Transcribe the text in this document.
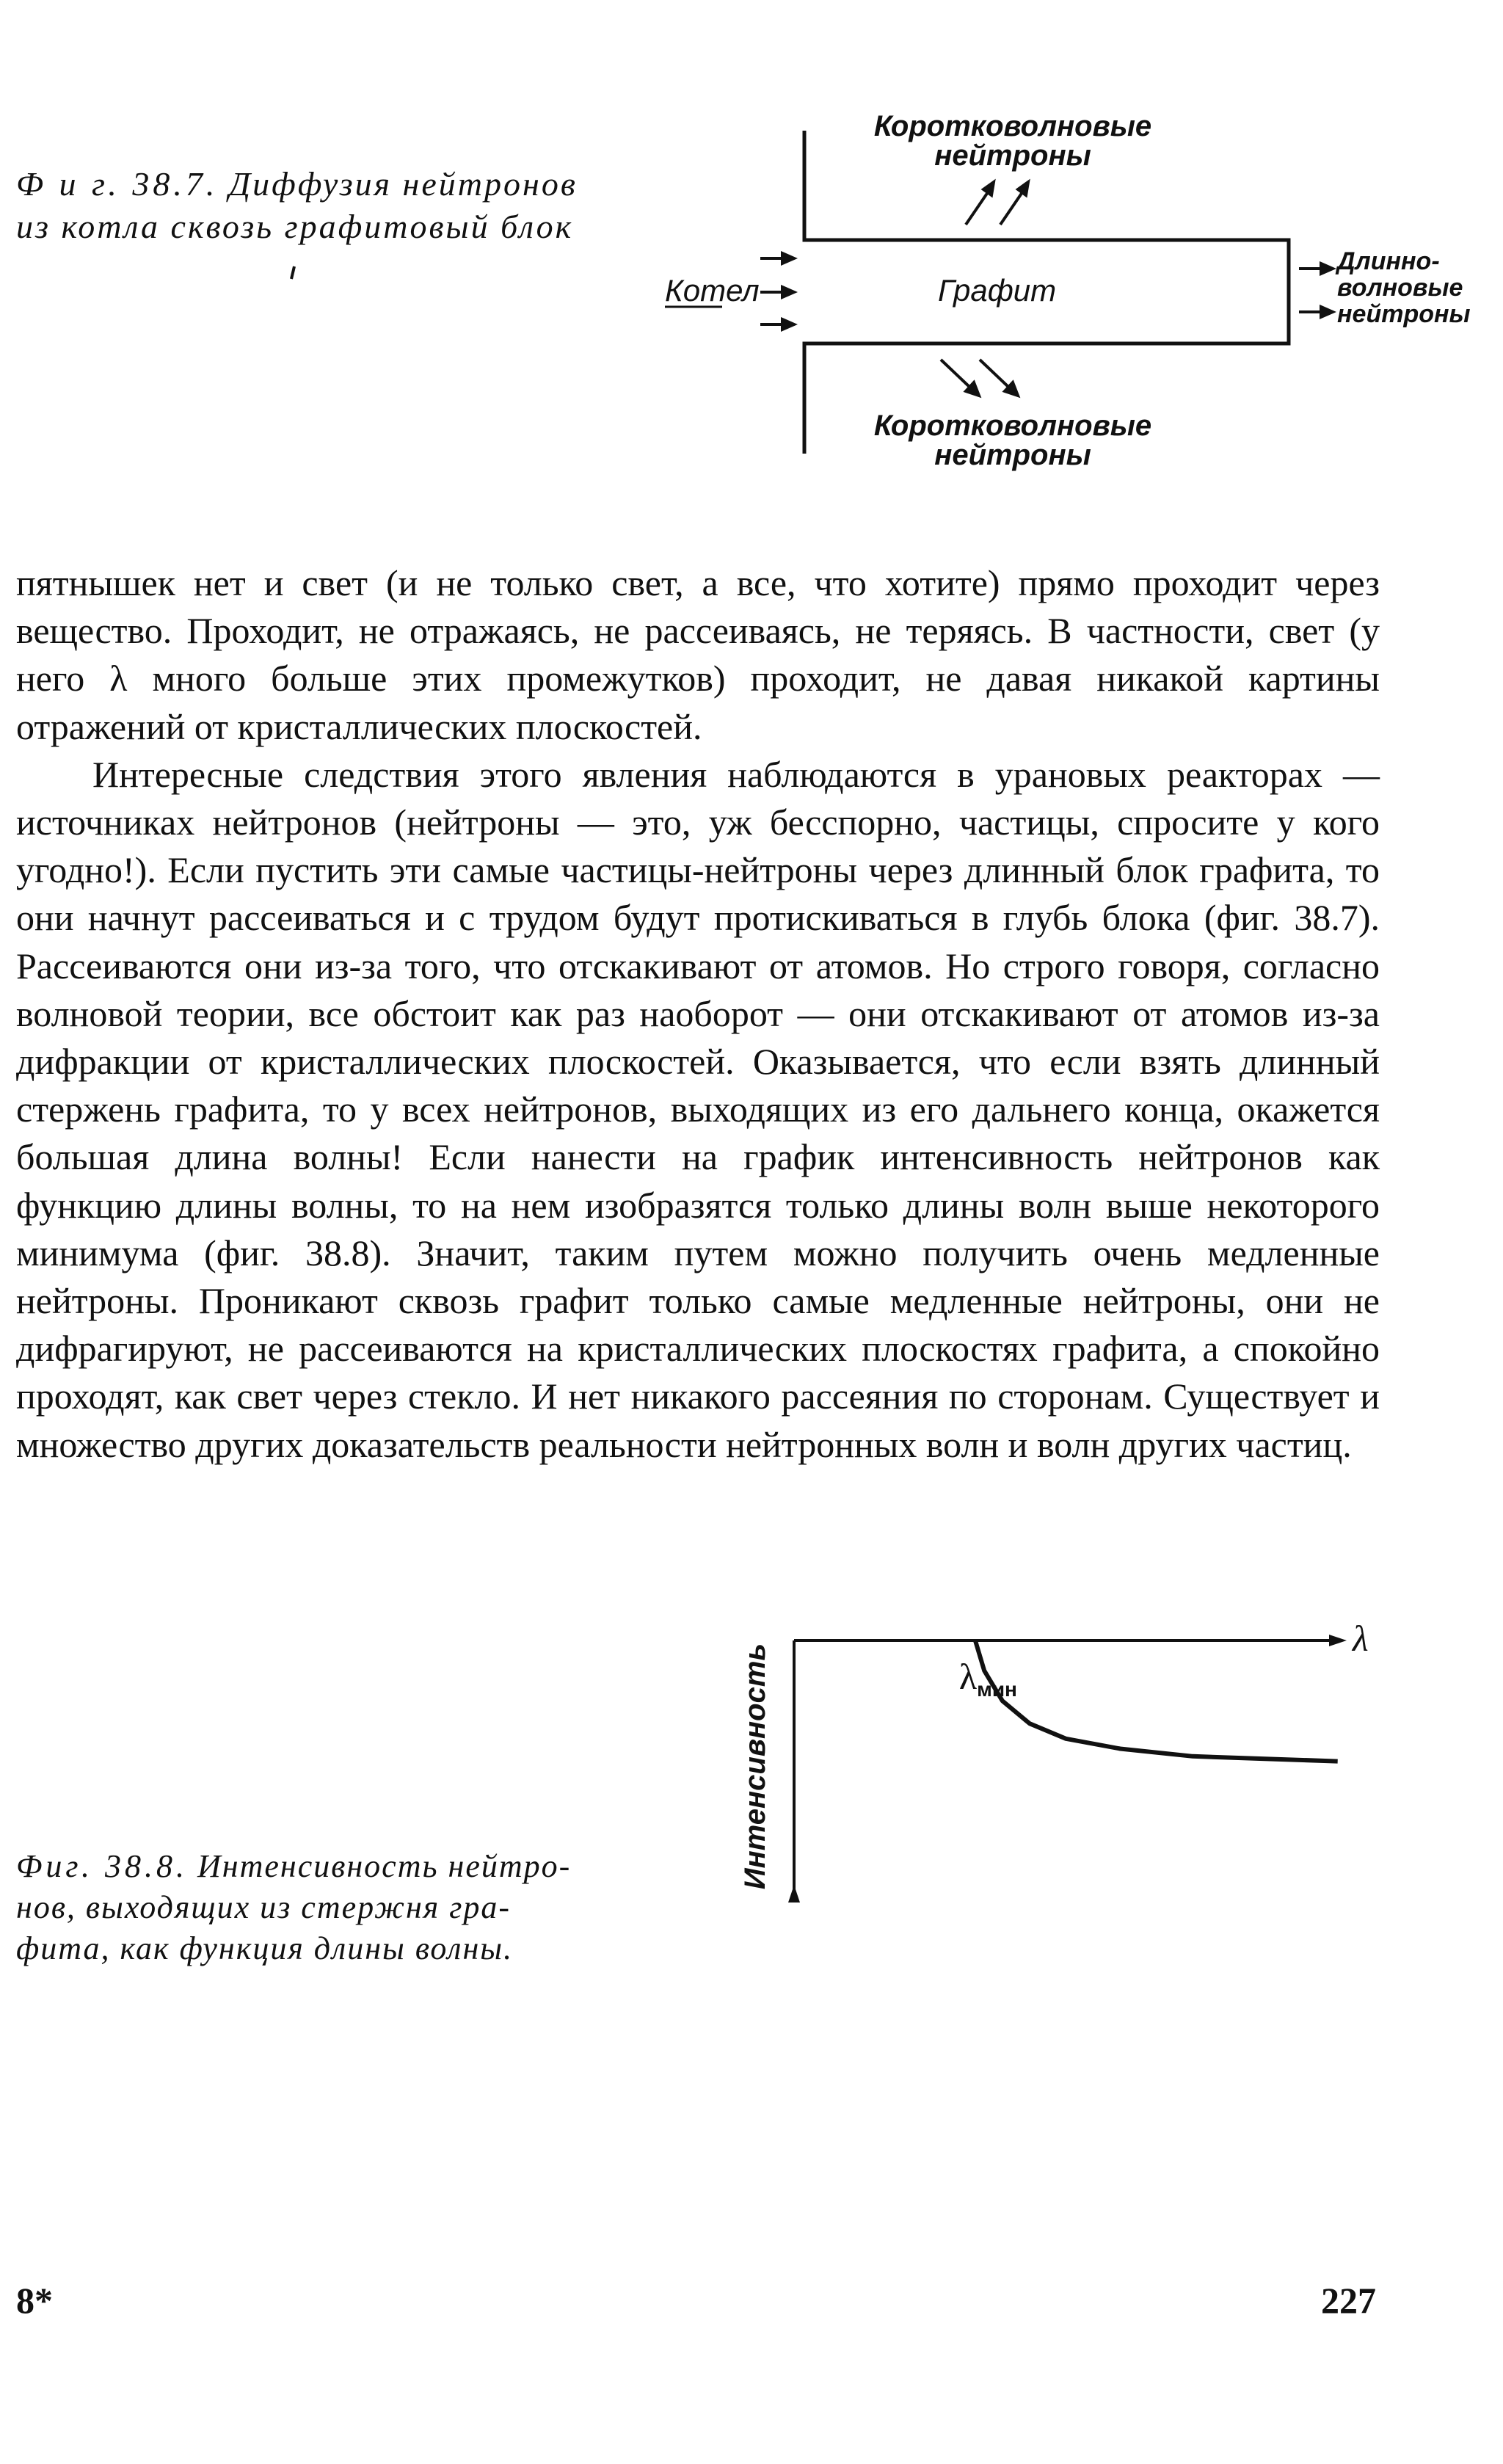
Ф и г. 38.7. Диффузия нейтронов
из котла сквозь графитовый блок
Коротковолновые
нейтроны
Котел	Графит
Коротковолновые
нейтроны
Длинно-
волновые
нейтроны

пятнышек нет и свет (и не только свет, а все, что хотите) прямо проходит через вещество. Проходит, не отражаясь, не рассеиваясь, не теряясь. В частности, свет (у него λ много больше этих промежутков) проходит, не давая никакой картины отражений от кристаллических плоскостей.

Интересные следствия этого явления наблюдаются в урановых реакторах — источниках нейтронов (нейтроны — это, уж бесспорно, частицы, спросите у кого угодно!). Если пустить эти самые частицы-нейтроны через длинный блок графита, то они начнут рассеиваться и с трудом будут протискиваться в глубь блока (фиг. 38.7). Рассеиваются они из-за того, что отскакивают от атомов. Но строго говоря, согласно волновой теории, все обстоит как раз наоборот — они отскакивают от атомов из-за дифракции от кристаллических плоскостей. Оказывается, что если взять длинный стержень графита, то у всех нейтронов, выходящих из его дальнего конца, окажется большая длина волны! Если нанести на график интенсивность нейтронов как функцию длины волны, то на нем изобразятся только длины волн выше некоторого минимума (фиг. 38.8). Значит, таким путем можно получить очень медленные нейтроны. Проникают сквозь графит только самые медленные нейтроны, они не дифрагируют, не рассеиваются на кристаллических плоскостях графита, а спокойно проходят, как свет через стекло. И нет никакого рассеяния по сторонам. Существует и множество других доказательств реальности нейтронных волн и волн других частиц.

Фиг. 38.8. Интенсивность нейтро-
нов, выходящих из стержня гра-
фита, как функция длины волны.
Интенсивность
λ
$\lambda_{мин}$
8*	227
